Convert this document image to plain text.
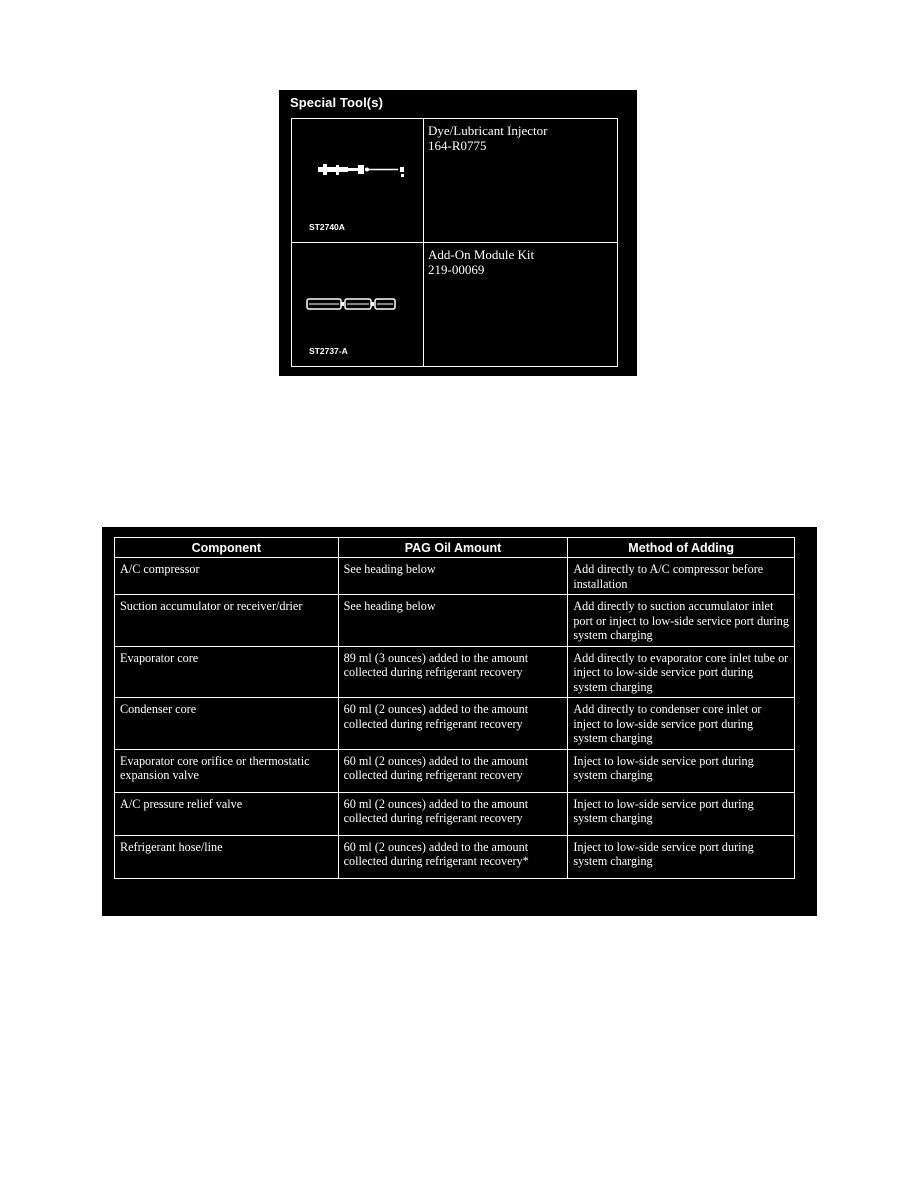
Special Tool(s)
ST2740A	Dye/Lubricant Injector
164-R0775

ST2737-A	Add-On Module Kit
219-00069
Component	PAG Oil Amount	Method of Adding
A/C compressor	See heading below	Add directly to A/C compressor before installation
Suction accumulator or receiver/drier	See heading below	Add directly to suction accumulator inlet port or inject to low-side service port during system charging
Evaporator core	89 ml (3 ounces) added to the amount collected during refrigerant recovery	Add directly to evaporator core inlet tube or inject to low-side service port during system charging
Condenser core	60 ml (2 ounces) added to the amount collected during refrigerant recovery	Add directly to condenser core inlet or inject to low-side service port during system charging
Evaporator core orifice or thermostatic expansion valve	60 ml (2 ounces) added to the amount collected during refrigerant recovery	Inject to low-side service port during system charging
A/C pressure relief valve	60 ml (2 ounces) added to the amount collected during refrigerant recovery	Inject to low-side service port during system charging
Refrigerant hose/line	60 ml (2 ounces) added to the amount collected during refrigerant recovery*	Inject to low-side service port during system charging
